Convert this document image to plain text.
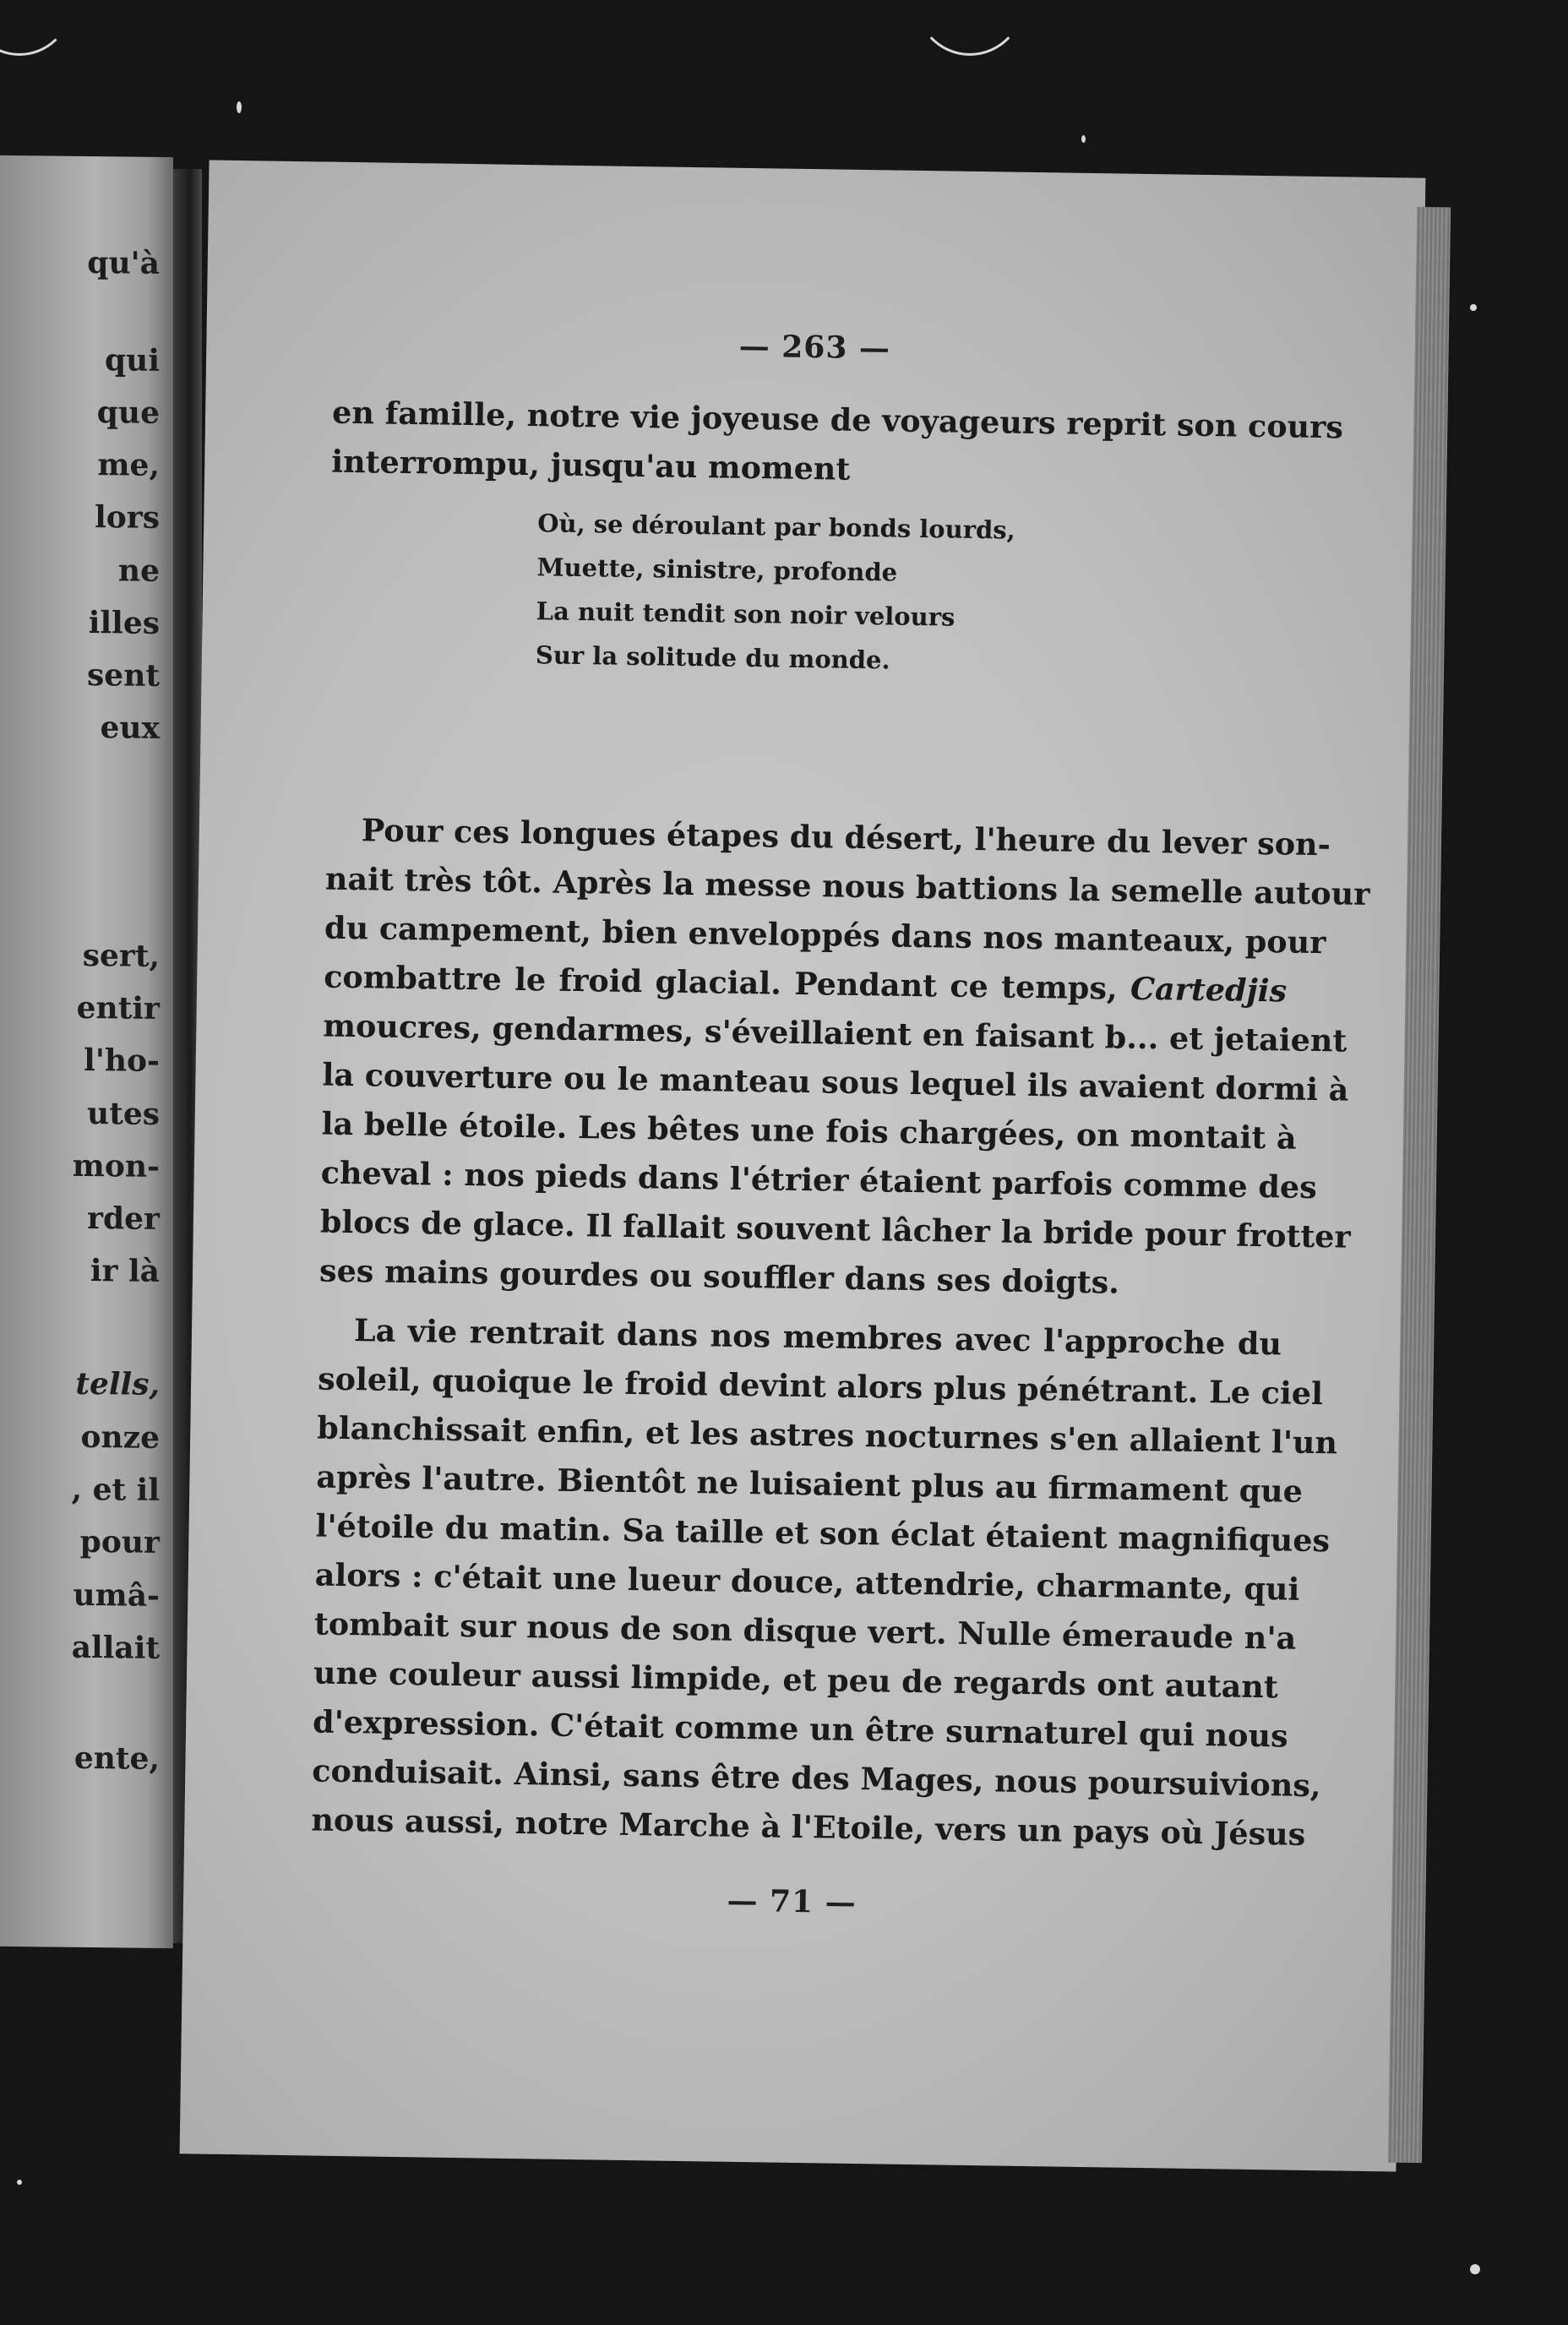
qu'à
qui
que
me,
lors
ne
illes
sent
eux
sert,
entir
l'ho-
utes
mon-
rder
ir là
tells,
onze
, et il
pour
umâ-
allait
ente,
— 263 —
en famille, notre vie joyeuse de voyageurs reprit son cours
interrompu, jusqu'au moment
Où, se déroulant par bonds lourds,
Muette, sinistre, profonde
La nuit tendit son noir velours
Sur la solitude du monde.
Pour ces longues étapes du désert, l'heure du lever son-
nait très tôt. Après la messe nous battions la semelle autour
du campement, bien enveloppés dans nos manteaux, pour
combattre le froid glacial. Pendant ce temps, Cartedjis
moucres, gendarmes, s'éveillaient en faisant b... et jetaient
la couverture ou le manteau sous lequel ils avaient dormi à
la belle étoile. Les bêtes une fois chargées, on montait à
cheval : nos pieds dans l'étrier étaient parfois comme des
blocs de glace. Il fallait souvent lâcher la bride pour frotter
ses mains gourdes ou souffler dans ses doigts.
La vie rentrait dans nos membres avec l'approche du
soleil, quoique le froid devint alors plus pénétrant. Le ciel
blanchissait enfin, et les astres nocturnes s'en allaient l'un
après l'autre. Bientôt ne luisaient plus au firmament que
l'étoile du matin. Sa taille et son éclat étaient magnifiques
alors : c'était une lueur douce, attendrie, charmante, qui
tombait sur nous de son disque vert. Nulle émeraude n'a
une couleur aussi limpide, et peu de regards ont autant
d'expression. C'était comme un être surnaturel qui nous
conduisait. Ainsi, sans être des Mages, nous poursuivions,
nous aussi, notre Marche à l'Etoile, vers un pays où Jésus
— 71 —
